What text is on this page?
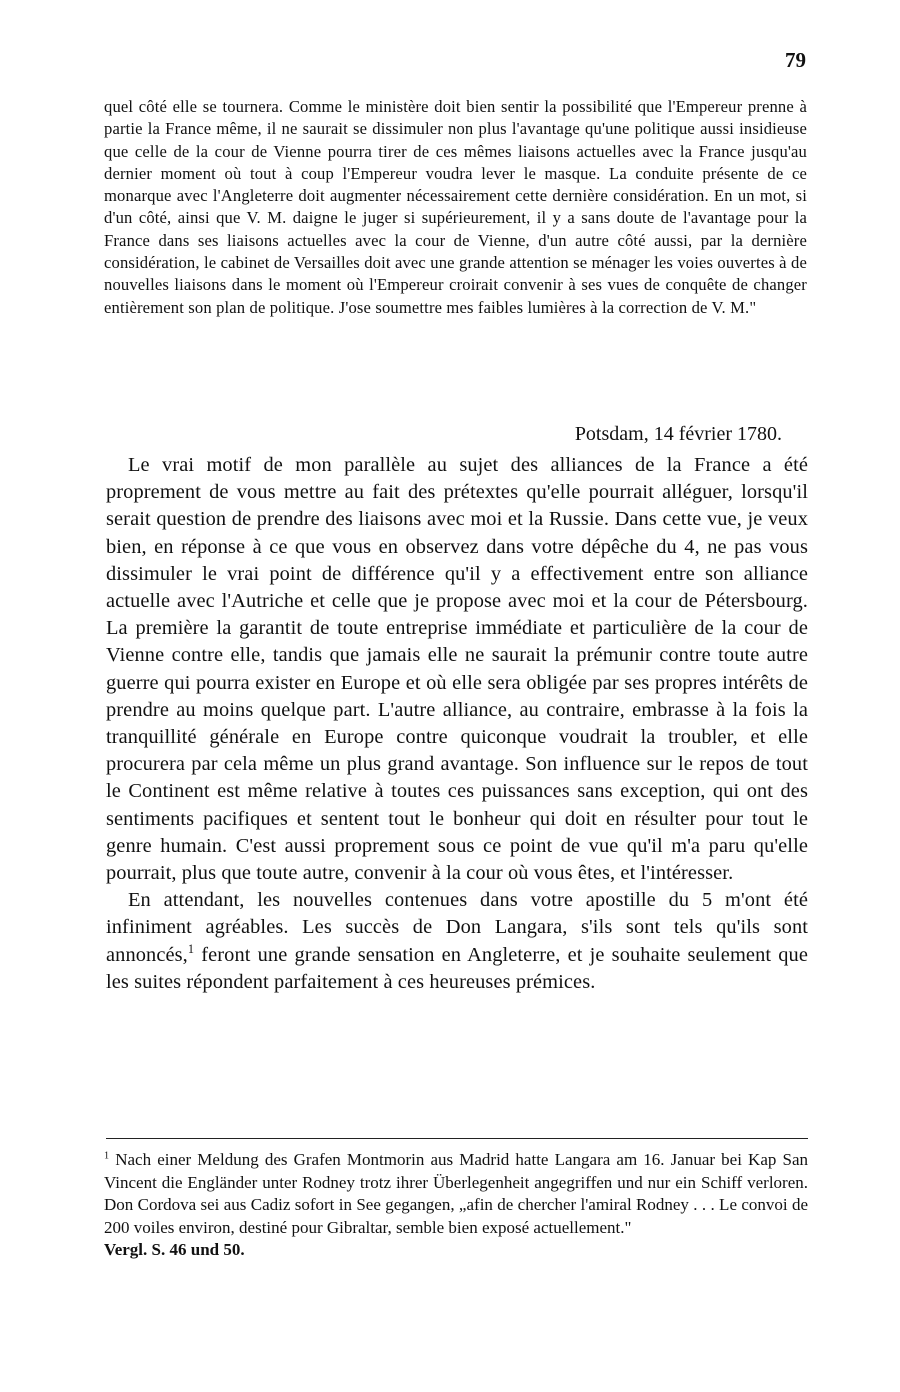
79
quel côté elle se tournera. Comme le ministère doit bien sentir la possibilité que l'Empereur prenne à partie la France même, il ne saurait se dissimuler non plus l'avantage qu'une politique aussi insidieuse que celle de la cour de Vienne pourra tirer de ces mêmes liaisons actuelles avec la France jusqu'au dernier moment où tout à coup l'Empereur voudra lever le masque. La conduite présente de ce monarque avec l'Angleterre doit augmenter nécessairement cette dernière considération. En un mot, si d'un côté, ainsi que V. M. daigne le juger si supérieurement, il y a sans doute de l'avantage pour la France dans ses liaisons actuelles avec la cour de Vienne, d'un autre côté aussi, par la dernière considération, le cabinet de Versailles doit avec une grande attention se ménager les voies ouvertes à de nouvelles liaisons dans le moment où l'Empereur croirait convenir à ses vues de conquête de changer entièrement son plan de politique. J'ose soumettre mes faibles lumières à la correction de V. M."
Potsdam, 14 février 1780.

Le vrai motif de mon parallèle au sujet des alliances de la France a été proprement de vous mettre au fait des prétextes qu'elle pourrait alléguer, lorsqu'il serait question de prendre des liaisons avec moi et la Russie. Dans cette vue, je veux bien, en réponse à ce que vous en observez dans votre dépêche du 4, ne pas vous dissimuler le vrai point de différence qu'il y a effectivement entre son alliance actuelle avec l'Autriche et celle que je propose avec moi et la cour de Pétersbourg. La première la garantit de toute entreprise immédiate et particulière de la cour de Vienne contre elle, tandis que jamais elle ne saurait la prémunir contre toute autre guerre qui pourra exister en Europe et où elle sera obligée par ses propres intérêts de prendre au moins quelque part. L'autre alliance, au contraire, embrasse à la fois la tranquillité générale en Europe contre quiconque voudrait la troubler, et elle procurera par cela même un plus grand avantage. Son influence sur le repos de tout le Continent est même relative à toutes ces puissances sans exception, qui ont des sentiments pacifiques et sentent tout le bonheur qui doit en résulter pour tout le genre humain. C'est aussi proprement sous ce point de vue qu'il m'a paru qu'elle pourrait, plus que toute autre, convenir à la cour où vous êtes, et l'intéresser.

En attendant, les nouvelles contenues dans votre apostille du 5 m'ont été infiniment agréables. Les succès de Don Langara, s'ils sont tels qu'ils sont annoncés,$^1$ feront une grande sensation en Angleterre, et je souhaite seulement que les suites répondent parfaitement à ces heureuses prémices.

$^1$ Nach einer Meldung des Grafen Montmorin aus Madrid hatte Langara am 16. Januar bei Kap San Vincent die Engländer unter Rodney trotz ihrer Überlegenheit angegriffen und nur ein Schiff verloren. Don Cordova sei aus Cadiz sofort in See gegangen, „afin de chercher l'amiral Rodney . . . Le convoi de 200 voiles environ, destiné pour Gibraltar, semble bien exposé actuellement."
Vergl. S. 46 und 50.
